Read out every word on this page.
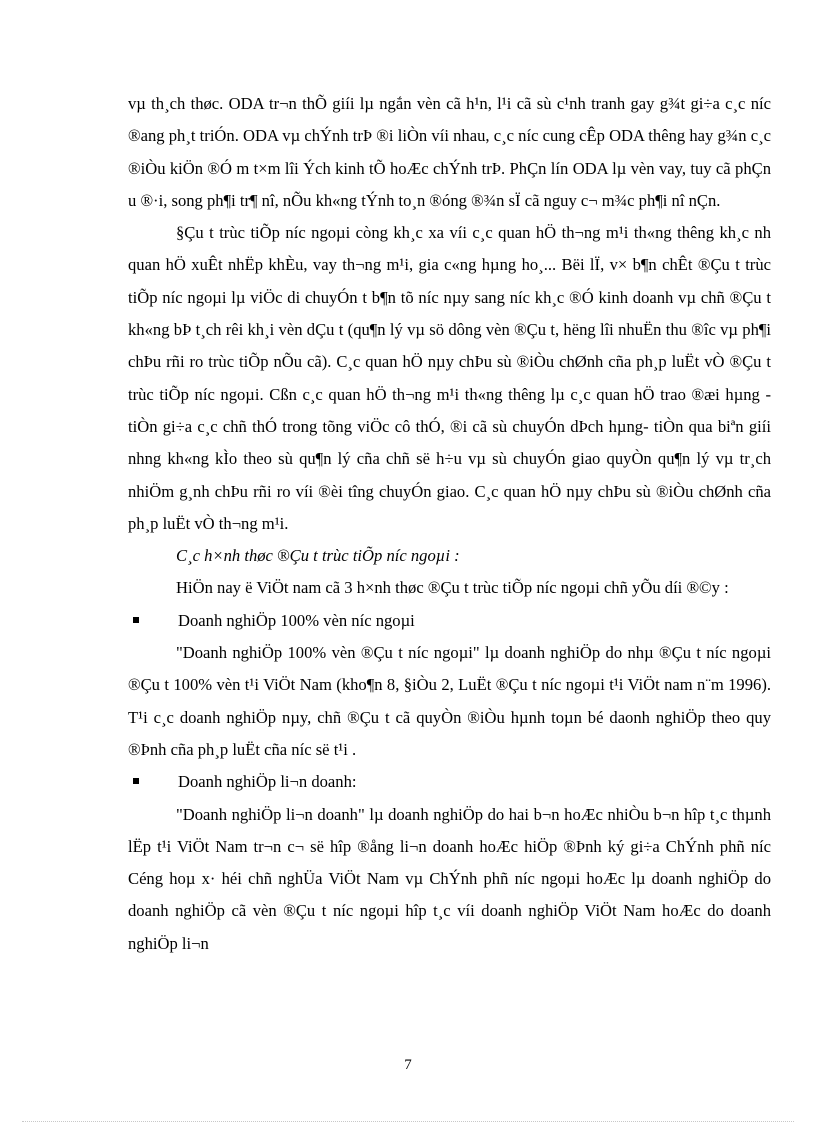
vµ th¸ch thøc. ODA tr¬n thÕ giíi lµ ngắn vèn cã h¹n, l¹i cã sù c¹nh tranh gay g¾t gi÷a c¸c níc ®ang ph¸t triÓn. ODA vµ chÝnh trÞ ®i liÒn víi nhau, c¸c níc cung cÊp ODA thêng hay g¾n c¸c ®iÒu kiÖn ®Ó m t×m lîi Ých kinh tÕ hoÆc chÝnh trÞ. PhÇn lín ODA lµ vèn vay, tuy cã phÇn u ®·i, song ph¶i tr¶ nî, nÕu kh«ng tÝnh to¸n ®óng ®¾n sÏ cã nguy c¬ m¾c ph¶i nî nÇn.

§Çu t trùc tiÕp níc ngoµi còng kh¸c xa víi c¸c quan hÖ th¬ng m¹i th«ng thêng kh¸c nh quan hÖ xuÊt nhËp khÈu, vay th¬ng m¹i, gia c«ng hµng ho¸... Bëi lÏ, v× b¶n chÊt ®Çu t trùc tiÕp níc ngoµi lµ viÖc di chuyÓn t b¶n tõ níc nµy sang níc kh¸c ®Ó kinh doanh vµ chñ ®Çu t kh«ng bÞ t¸ch rêi kh¸i vèn dÇu t (qu¶n lý vµ sö dông vèn ®Çu t, hëng lîi nhuËn thu ®îc vµ ph¶i chÞu rñi ro trùc tiÕp nÕu cã). C¸c quan hÖ nµy chÞu sù ®iÒu chØnh cña ph¸p luËt vÒ ®Çu t trùc tiÕp níc ngoµi. Cßn c¸c quan hÖ th¬ng m¹i th«ng thêng lµ c¸c quan hÖ trao ®æi hµng -tiÒn gi÷a c¸c chñ thÓ trong tõng viÖc cô thÓ, ®i cã sù chuyÓn dÞch hµng- tiÒn qua biªn giíi nhng kh«ng kÌo theo sù qu¶n lý cña chñ së h÷u vµ sù chuyÓn giao quyÒn qu¶n lý vµ tr¸ch nhiÖm g¸nh chÞu rñi ro víi ®èi tîng chuyÓn giao. C¸c quan hÖ nµy chÞu sù ®iÒu chØnh cña ph¸p luËt vÒ th¬ng m¹i.

C¸c h×nh thøc ®Çu t trùc tiÕp níc ngoµi :

HiÖn nay ë ViÖt nam cã 3 h×nh thøc ®Çu t trùc tiÕp níc ngoµi chñ yÕu díi ®©y :

Doanh nghiÖp 100% vèn níc ngoµi

"Doanh nghiÖp 100% vèn ®Çu t níc ngoµi" lµ doanh nghiÖp do nhµ ®Çu t níc ngoµi ®Çu t 100% vèn t¹i ViÖt Nam (kho¶n 8, §iÒu 2, LuËt ®Çu t níc ngoµi t¹i ViÖt nam n¨m 1996). T¹i c¸c doanh nghiÖp nµy, chñ ®Çu t cã quyÒn ®iÒu hµnh toµn bé daonh nghiÖp theo quy ®Þnh cña ph¸p luËt cña níc së t¹i .

Doanh nghiÖp li¬n doanh:

"Doanh nghiÖp li¬n doanh" lµ doanh nghiÖp do hai b¬n hoÆc nhiÒu b¬n hîp t¸c thµnh lËp t¹i ViÖt Nam tr¬n c¬ së hîp ®ång li¬n doanh hoÆc hiÖp ®Þnh ký gi÷a ChÝnh phñ níc Céng hoµ x· héi chñ nghÜa ViÖt Nam vµ ChÝnh phñ níc ngoµi hoÆc lµ doanh nghiÖp do doanh nghiÖp cã vèn ®Çu t níc ngoµi hîp t¸c víi doanh nghiÖp ViÖt Nam hoÆc do doanh nghiÖp li¬n

7
